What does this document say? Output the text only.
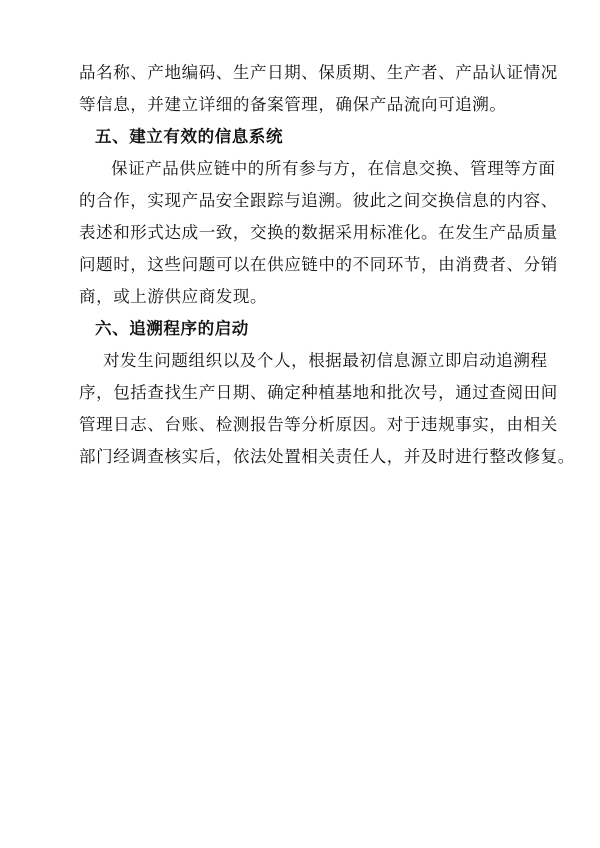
品名称、产地编码、生产日期、保质期、生产者、产品认证情况
等信息，并建立详细的备案管理，确保产品流向可追溯。
五、建立有效的信息系统
保证产品供应链中的所有参与方，在信息交换、管理等方面
的合作，实现产品安全跟踪与追溯。彼此之间交换信息的内容、
表述和形式达成一致，交换的数据采用标准化。在发生产品质量
问题时，这些问题可以在供应链中的不同环节，由消费者、分销
商，或上游供应商发现。
六、追溯程序的启动
对发生问题组织以及个人，根据最初信息源立即启动追溯程
序，包括查找生产日期、确定种植基地和批次号，通过查阅田间
管理日志、台账、检测报告等分析原因。对于违规事实，由相关
部门经调查核实后，依法处置相关责任人，并及时进行整改修复。
